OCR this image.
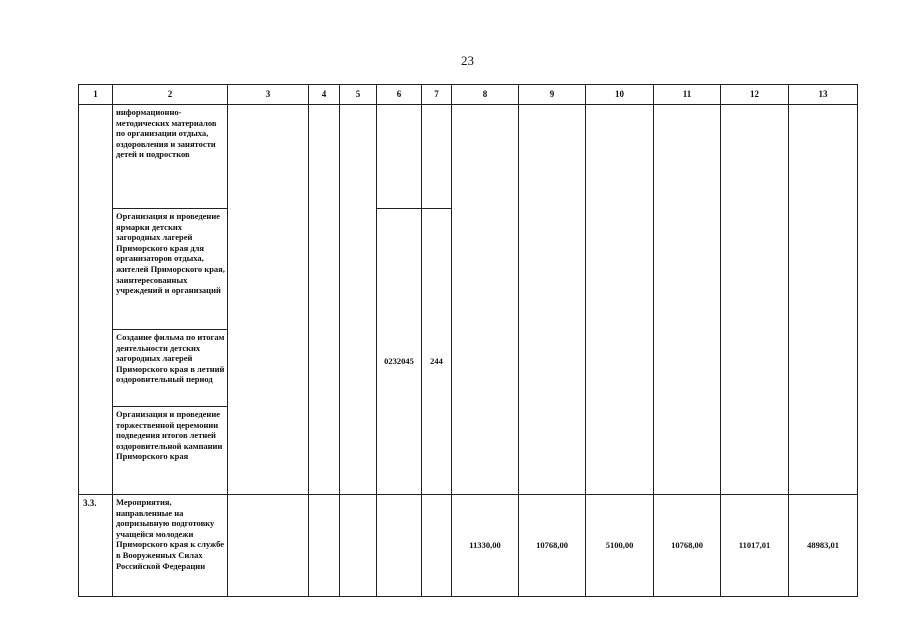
23
1	2	3	4	5	6	7	8	9	10	11	12	13
	информационно-методических материалов по организации отдыха, оздоровления и занятости детей и подростков											
	Организация и проведение ярмарки детских загородных лагерей Приморского края для организаторов отдыха, жителей Приморского края, заинтересованных учреждений и организаций				0232045	244						
	Создание фильма по итогам деятельности детских загородных лагерей Приморского края в летний оздоровительный период											
	Организация и проведение торжественной церемонии подведения итогов летней оздоровительной кампании Приморского края											
3.3.	Мероприятия, направленные на допризывную подготовку учащейся молодежи Приморского края к службе в Вооруженных Силах Российской Федерации						11330,00	10768,00	5100,00	10768,00	11017,01	48983,01
